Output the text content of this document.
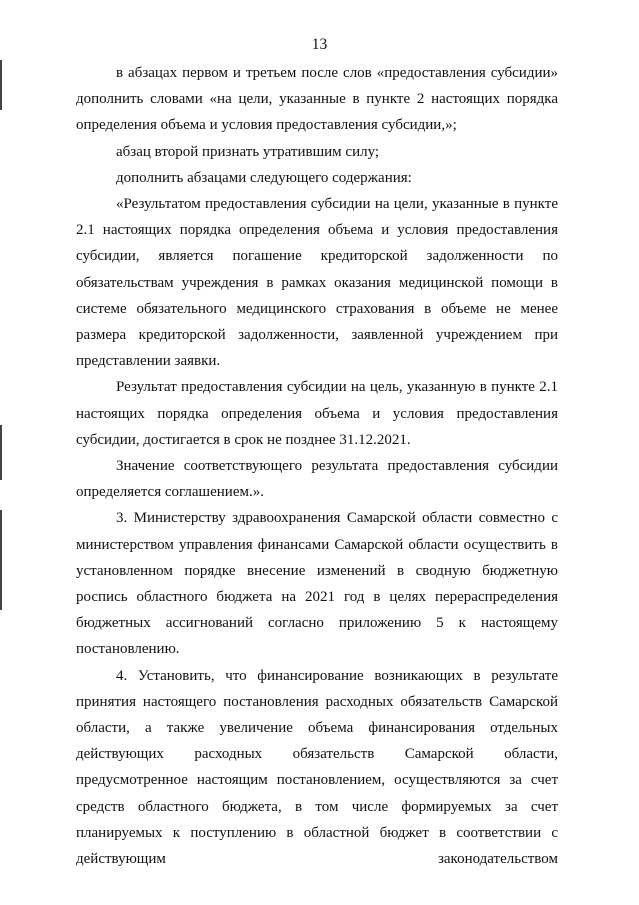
13

в абзацах первом и третьем после слов «предоставления субсидии» дополнить словами «на цели, указанные в пункте 2 настоящих порядка определения объема и условия предоставления субсидии,»;

абзац второй признать утратившим силу;

дополнить абзацами следующего содержания:

«Результатом предоставления субсидии на цели, указанные в пункте 2.1 настоящих порядка определения объема и условия предоставления субсидии, является погашение кредиторской задолженности по обязательствам учреждения в рамках оказания медицинской помощи в системе обязательного медицинского страхования в объеме не менее размера кредиторской задолженности, заявленной учреждением при представлении заявки.

Результат предоставления субсидии на цель, указанную в пункте 2.1 настоящих порядка определения объема и условия предоставления субсидии, достигается в срок не позднее 31.12.2021.

Значение соответствующего результата предоставления субсидии определяется соглашением.».

3. Министерству здравоохранения Самарской области совместно с министерством управления финансами Самарской области осуществить в установленном порядке внесение изменений в сводную бюджетную роспись областного бюджета на 2021 год в целях перераспределения бюджетных ассигнований согласно приложению 5 к настоящему постановлению.

4. Установить, что финансирование возникающих в результате принятия настоящего постановления расходных обязательств Самарской области, а также увеличение объема финансирования отдельных действующих расходных обязательств Самарской области, предусмотренное настоящим постановлением, осуществляются за счет средств областного бюджета, в том числе формируемых за счет планируемых к поступлению в областной бюджет в соответствии с действующим законодательством
